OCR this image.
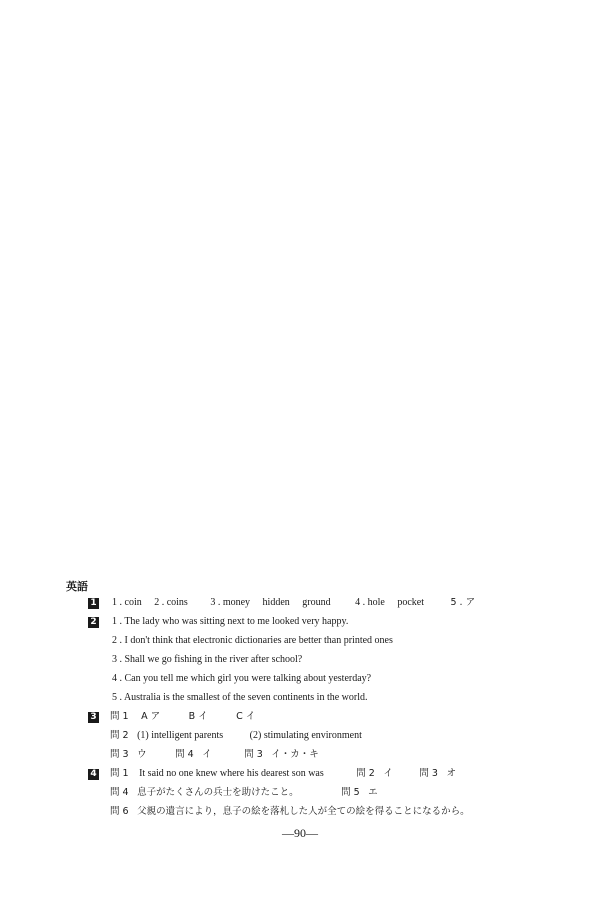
英語
1 1 . coin 2 . coins 3 . money hidden ground 4 . hole pocket	5 . ア
2 1 . The lady who was sitting next to me looked very happy.
2 . I don't think that electronic dictionaries are better than printed ones
3 . Shall we go fishing in the river after school?
4 . Can you tell me which girl you were talking about yesterday?
5 . Australia is the smallest of the seven continents in the world.
3 問 1 A ア	B イ	C イ
問 2 (1) intelligent parents	(2) stimulating environment
問 3 ウ	問 4 イ	問 3 イ・カ・キ
4 問 1 It said no one knew where his dearest son was	問 2 イ	問 3 オ
問 4 息子がたくさんの兵士を助けたこと。	問 5 エ
問 6 父親の遺言により，息子の絵を落札した人が全ての絵を得ることになるから。
—90—
